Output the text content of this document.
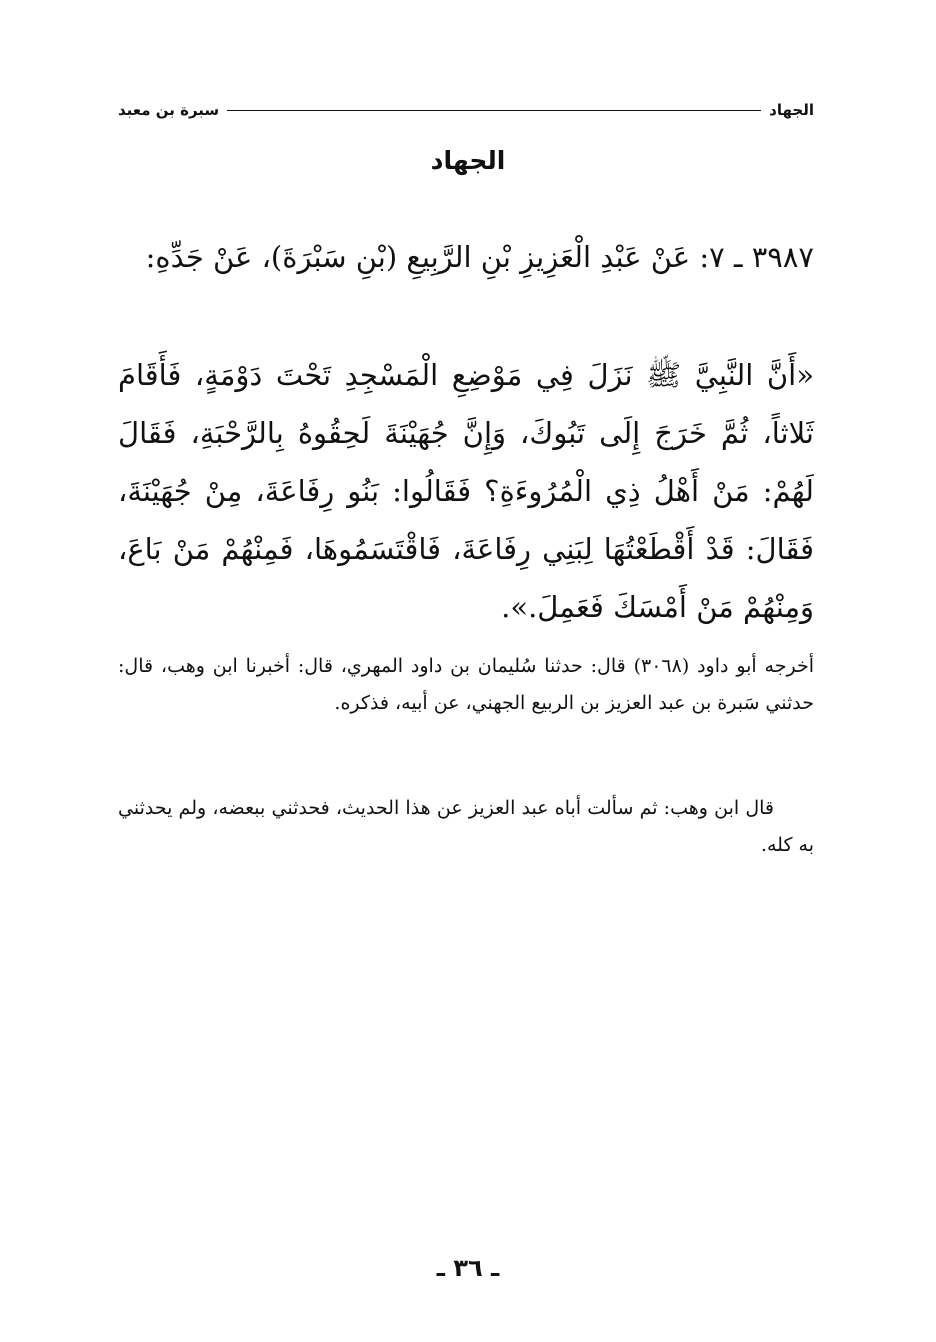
الجهاد
سبرة بن معبد
الجهاد
٣٩٨٧ ـ ٧: عَنْ عَبْدِ الْعَزِيزِ بْنِ الرَّبِيعِ (بْنِ سَبْرَةَ)، عَنْ جَدِّهِ:
«أَنَّ النَّبِيَّ ﷺ نَزَلَ فِي مَوْضِعِ الْمَسْجِدِ تَحْتَ دَوْمَةٍ، فَأَقَامَ ثَلاثاً، ثُمَّ خَرَجَ إِلَى تَبُوكَ، وَإِنَّ جُهَيْنَةَ لَحِقُوهُ بِالرَّحْبَةِ، فَقَالَ لَهُمْ: مَنْ أَهْلُ ذِي الْمُرُوءَةِ؟ فَقَالُوا: بَنُو رِفَاعَةَ، مِنْ جُهَيْنَةَ، فَقَالَ: قَدْ أَقْطَعْتُهَا لِبَنِي رِفَاعَةَ، فَاقْتَسَمُوهَا، فَمِنْهُمْ مَنْ بَاعَ، وَمِنْهُمْ مَنْ أَمْسَكَ فَعَمِلَ.».
أخرجه أبو داود (٣٠٦٨) قال: حدثنا سُليمان بن داود المهري، قال: أخبرنا ابن وهب، قال: حدثني سَبرة بن عبد العزيز بن الربيع الجهني، عن أبيه، فذكره.
قال ابن وهب: ثم سألت أباه عبد العزيز عن هذا الحديث، فحدثني ببعضه، ولم يحدثني به كله.
ـ ٣٦ ـ
